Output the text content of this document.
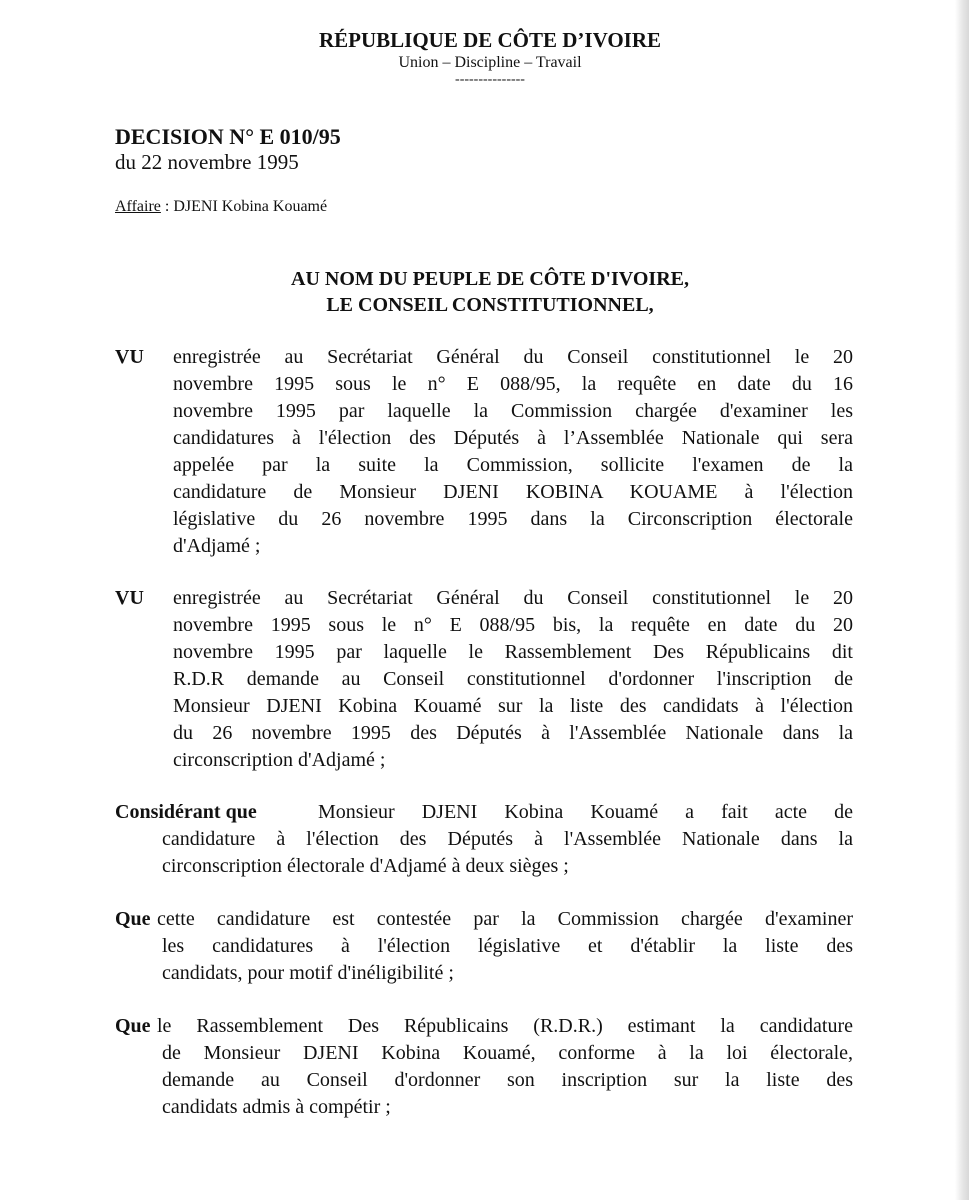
RÉPUBLIQUE DE CÔTE D’IVOIRE
Union – Discipline – Travail
---------------
DECISION N° E 010/95
du 22 novembre 1995
Affaire : DJENI Kobina Kouamé
AU NOM DU PEUPLE DE CÔTE D'IVOIRE,
LE CONSEIL CONSTITUTIONNEL,
VU enregistrée au Secrétariat Général du Conseil constitutionnel le 20
novembre 1995 sous le n° E 088/95, la requête en date du 16
novembre 1995 par laquelle la Commission chargée d'examiner les
candidatures à l'élection des Députés à l’Assemblée Nationale qui sera
appelée par la suite la Commission, sollicite l'examen de la
candidature de Monsieur DJENI KOBINA KOUAME à l'élection
législative du 26 novembre 1995 dans la Circonscription électorale
d'Adjamé ;
VU enregistrée au Secrétariat Général du Conseil constitutionnel le 20
novembre 1995 sous le n° E 088/95 bis, la requête en date du 20
novembre 1995 par laquelle le Rassemblement Des Républicains dit
R.D.R demande au Conseil constitutionnel d'ordonner l'inscription de
Monsieur DJENI Kobina Kouamé sur la liste des candidats à l'élection
du 26 novembre 1995 des Députés à l'Assemblée Nationale dans la
circonscription d'Adjamé ;
Considérant que	Monsieur DJENI Kobina Kouamé a fait acte de
candidature à l'élection des Députés à l'Assemblée Nationale dans la
circonscription électorale d'Adjamé à deux sièges ;
Que cette candidature est contestée par la Commission chargée d'examiner
les candidatures à l'élection législative et d'établir la liste des
candidats, pour motif d'inéligibilité ;
Que le Rassemblement Des Républicains (R.D.R.) estimant la candidature
de Monsieur DJENI Kobina Kouamé, conforme à la loi électorale,
demande au Conseil d'ordonner son inscription sur la liste des
candidats admis à compétir ;
